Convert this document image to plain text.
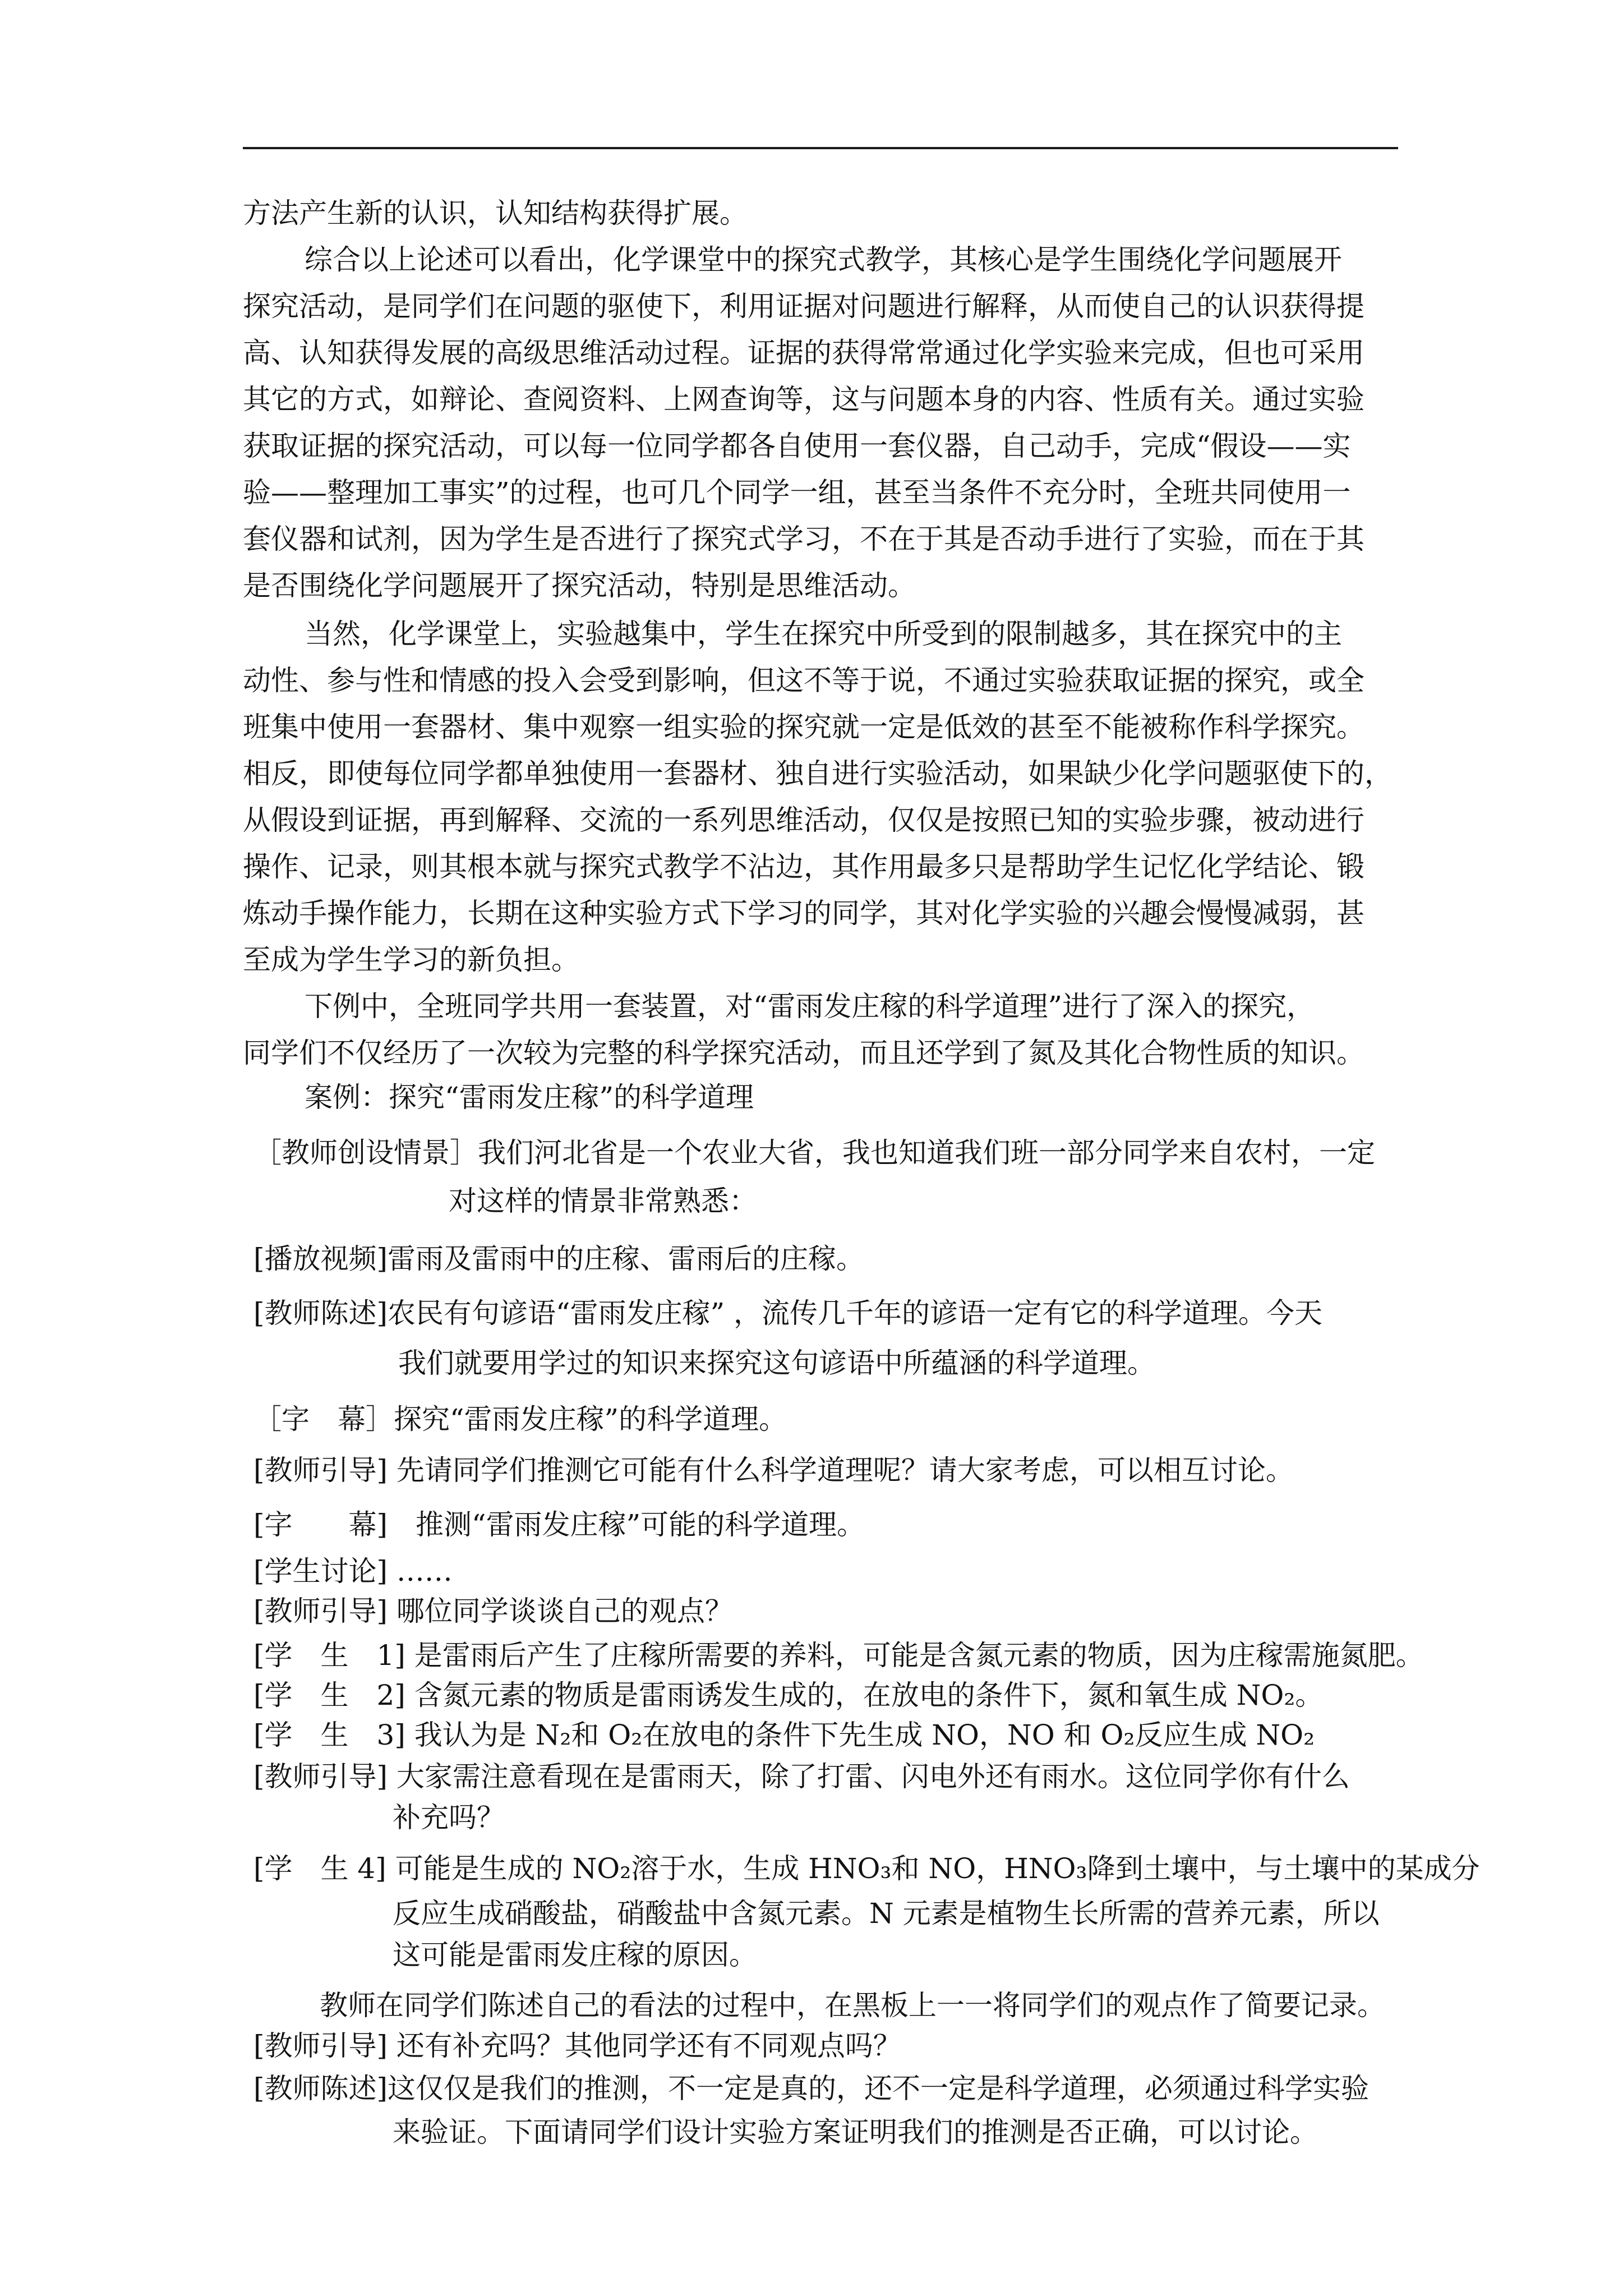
方法产生新的认识，认知结构获得扩展。
综合以上论述可以看出，化学课堂中的探究式教学，其核心是学生围绕化学问题展开
探究活动，是同学们在问题的驱使下，利用证据对问题进行解释，从而使自己的认识获得提
高、认知获得发展的高级思维活动过程。证据的获得常常通过化学实验来完成，但也可采用
其它的方式，如辩论、查阅资料、上网查询等，这与问题本身的内容、性质有关。通过实验
获取证据的探究活动，可以每一位同学都各自使用一套仪器，自己动手，完成“假设——实
验——整理加工事实”的过程，也可几个同学一组，甚至当条件不充分时，全班共同使用一
套仪器和试剂，因为学生是否进行了探究式学习，不在于其是否动手进行了实验，而在于其
是否围绕化学问题展开了探究活动，特别是思维活动。
当然，化学课堂上，实验越集中，学生在探究中所受到的限制越多，其在探究中的主
动性、参与性和情感的投入会受到影响，但这不等于说，不通过实验获取证据的探究，或全
班集中使用一套器材、集中观察一组实验的探究就一定是低效的甚至不能被称作科学探究。
相反，即使每位同学都单独使用一套器材、独自进行实验活动，如果缺少化学问题驱使下的，
从假设到证据，再到解释、交流的一系列思维活动，仅仅是按照已知的实验步骤，被动进行
操作、记录，则其根本就与探究式教学不沾边，其作用最多只是帮助学生记忆化学结论、锻
炼动手操作能力，长期在这种实验方式下学习的同学，其对化学实验的兴趣会慢慢减弱，甚
至成为学生学习的新负担。
下例中，全班同学共用一套装置，对“雷雨发庄稼的科学道理”进行了深入的探究，
同学们不仅经历了一次较为完整的科学探究活动，而且还学到了氮及其化合物性质的知识。
案例：探究“雷雨发庄稼”的科学道理
［教师创设情景］我们河北省是一个农业大省，我也知道我们班一部分同学来自农村，一定
对这样的情景非常熟悉：
[播放视频]雷雨及雷雨中的庄稼、雷雨后的庄稼。
[教师陈述]农民有句谚语“雷雨发庄稼” ，流传几千年的谚语一定有它的科学道理。今天
我们就要用学过的知识来探究这句谚语中所蕴涵的科学道理。
［字　幕］探究“雷雨发庄稼”的科学道理。
[教师引导] 先请同学们推测它可能有什么科学道理呢？请大家考虑，可以相互讨论。
[字　　幕]　推测“雷雨发庄稼”可能的科学道理。
[学生讨论] ……
[教师引导] 哪位同学谈谈自己的观点？
[学　生　1] 是雷雨后产生了庄稼所需要的养料，可能是含氮元素的物质，因为庄稼需施氮肥。
[学　生　2] 含氮元素的物质是雷雨诱发生成的，在放电的条件下，氮和氧生成 NO₂。
[学　生　3] 我认为是 N₂和 O₂在放电的条件下先生成 NO，NO 和 O₂反应生成 NO₂
[教师引导] 大家需注意看现在是雷雨天，除了打雷、闪电外还有雨水。这位同学你有什么
补充吗？
[学　生 4] 可能是生成的 NO₂溶于水，生成 HNO₃和 NO，HNO₃降到土壤中，与土壤中的某成分
反应生成硝酸盐，硝酸盐中含氮元素。N 元素是植物生长所需的营养元素，所以
这可能是雷雨发庄稼的原因。
教师在同学们陈述自己的看法的过程中，在黑板上一一将同学们的观点作了简要记录。
[教师引导] 还有补充吗？其他同学还有不同观点吗？
[教师陈述]这仅仅是我们的推测，不一定是真的，还不一定是科学道理，必须通过科学实验
来验证。下面请同学们设计实验方案证明我们的推测是否正确，可以讨论。
